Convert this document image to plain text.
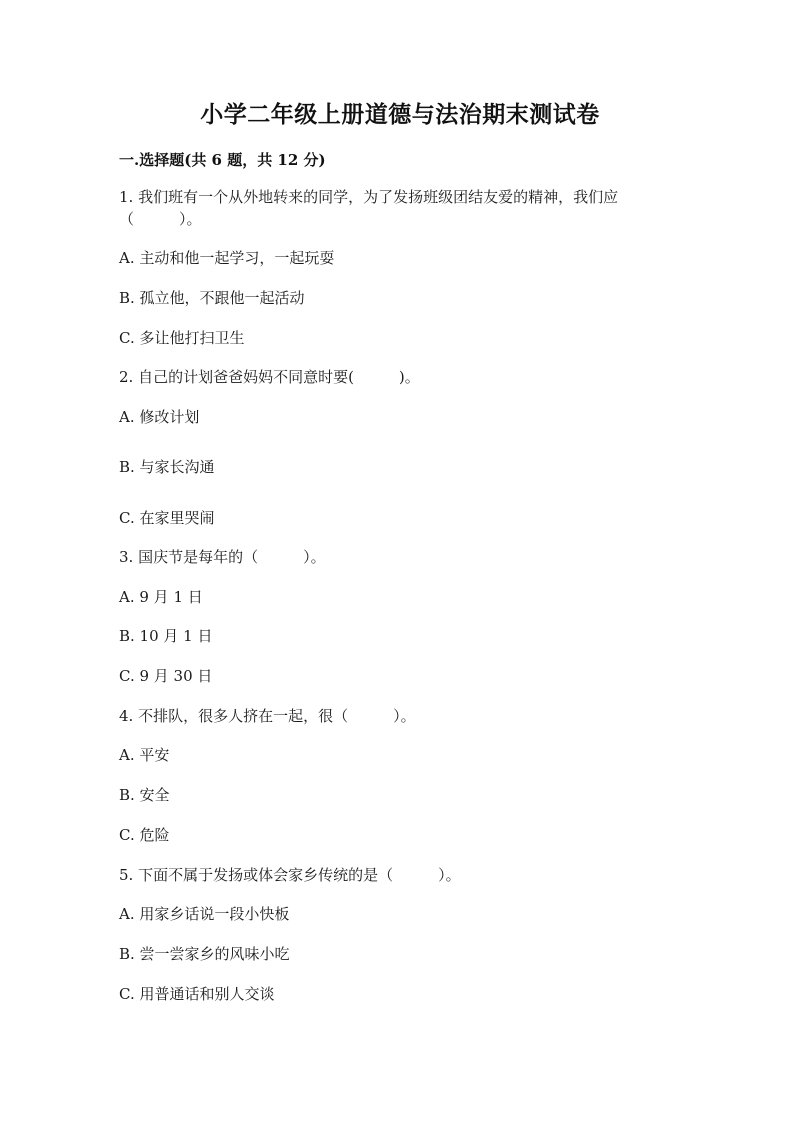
小学二年级上册道德与法治期末测试卷
一.选择题(共 6 题，共 12 分)
1. 我们班有一个从外地转来的同学，为了发扬班级团结友爱的精神，我们应
（　　　）。
A. 主动和他一起学习，一起玩耍
B. 孤立他，不跟他一起活动
C. 多让他打扫卫生
2. 自己的计划爸爸妈妈不同意时要(　　　)。
A. 修改计划
B. 与家长沟通
C. 在家里哭闹
3. 国庆节是每年的（　　　）。
A. 9 月 1 日
B. 10 月 1 日
C. 9 月 30 日
4. 不排队，很多人挤在一起，很（　　　）。
A. 平安
B. 安全
C. 危险
5. 下面不属于发扬或体会家乡传统的是（　　　）。
A. 用家乡话说一段小快板
B. 尝一尝家乡的风味小吃
C. 用普通话和别人交谈
